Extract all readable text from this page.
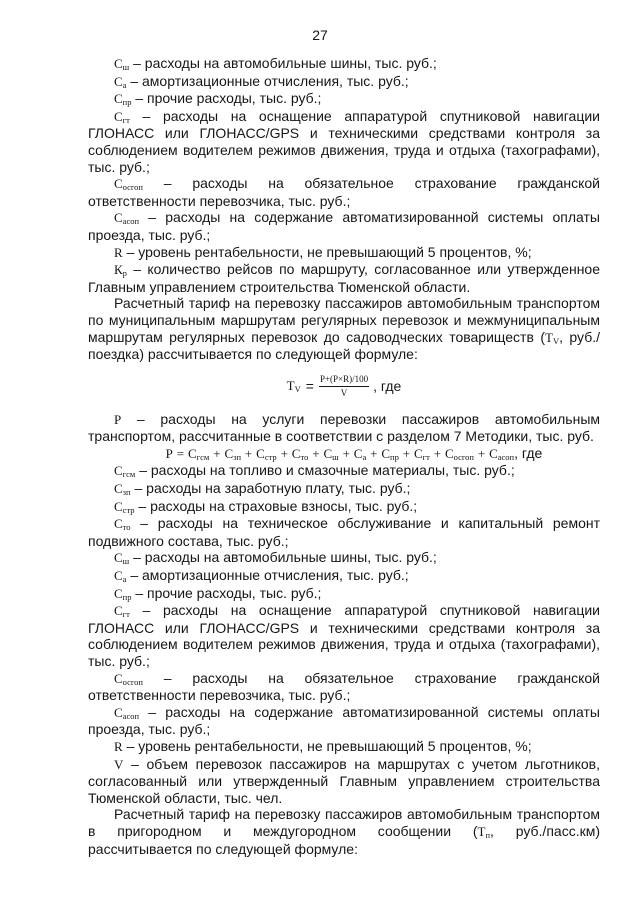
27

$С_ш$ – расходы на автомобильные шины, тыс. руб.;

$С_а$ – амортизационные отчисления, тыс. руб.;

$С_{пр}$ – прочие расходы, тыс. руб.;

$С_{гт}$ – расходы на оснащение аппаратурой спутниковой навигации ГЛОНАСС или ГЛОНАСС/GPS и техническими средствами контроля за соблюдением водителем режимов движения, труда и отдыха (тахографами), тыс. руб.;

$С_{осгоп}$ – расходы на обязательное страхование гражданской ответственности перевозчика, тыс. руб.;

$С_{асоп}$ – расходы на содержание автоматизированной системы оплаты проезда, тыс. руб.;

R – уровень рентабельности, не превышающий 5 процентов, %;

$К_р$ – количество рейсов по маршруту, согласованное или утвержденное Главным управлением строительства Тюменской области.

Расчетный тариф на перевозку пассажиров автомобильным транспортом по муниципальным маршрутам регулярных перевозок и межмуниципальным маршрутам регулярных перевозок до садоводческих товариществ ($Т_V$, руб./поездка) рассчитывается по следующей формуле:

$Т_V = \frac{P+(P\times R)/100}{V}$ , где

P – расходы на услуги перевозки пассажиров автомобильным транспортом, рассчитанные в соответствии с разделом 7 Методики, тыс. руб.

$P = С_{гсм} + С_{зп} + С_{стр} + С_{то} + С_ш + С_а + С_{пр} + С_{гт} + С_{осгоп} + С_{асоп}$, где

$С_{гсм}$ – расходы на топливо и смазочные материалы, тыс. руб.;

$С_{зп}$ – расходы на заработную плату, тыс. руб.;

$С_{стр}$ – расходы на страховые взносы, тыс. руб.;

$С_{то}$ – расходы на техническое обслуживание и капитальный ремонт подвижного состава, тыс. руб.;

$С_ш$ – расходы на автомобильные шины, тыс. руб.;

$С_а$ – амортизационные отчисления, тыс. руб.;

$С_{пр}$ – прочие расходы, тыс. руб.;

$С_{гт}$ – расходы на оснащение аппаратурой спутниковой навигации ГЛОНАСС или ГЛОНАСС/GPS и техническими средствами контроля за соблюдением водителем режимов движения, труда и отдыха (тахографами), тыс. руб.;

$С_{осгоп}$ – расходы на обязательное страхование гражданской ответственности перевозчика, тыс. руб.;

$С_{асоп}$ – расходы на содержание автоматизированной системы оплаты проезда, тыс. руб.;

R – уровень рентабельности, не превышающий 5 процентов, %;

V – объем перевозок пассажиров на маршрутах с учетом льготников, согласованный или утвержденный Главным управлением строительства Тюменской области, тыс. чел.

Расчетный тариф на перевозку пассажиров автомобильным транспортом в пригородном и междугородном сообщении ($Т_п$, руб./пасс.км) рассчитывается по следующей формуле:
